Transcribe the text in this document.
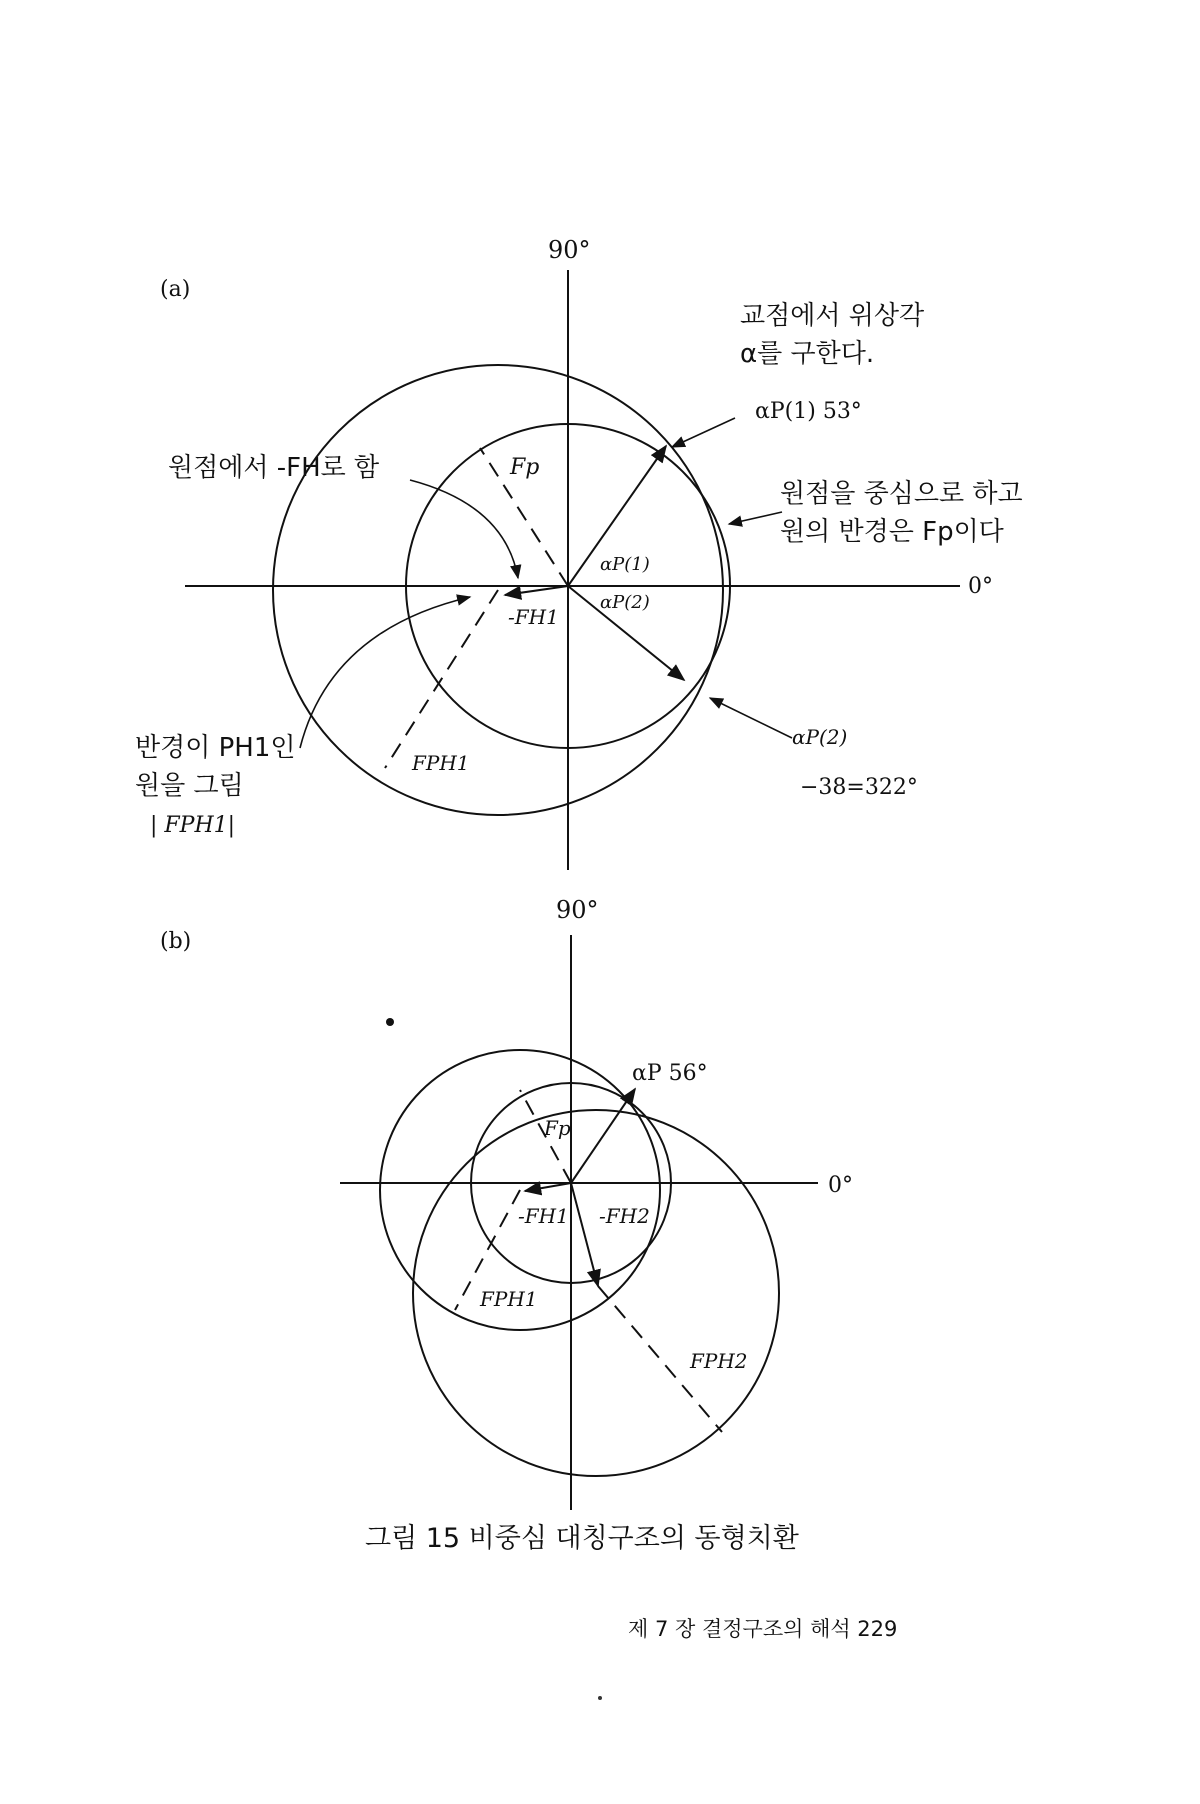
(a)
90°
0°
교점에서 위상각
α를 구한다.
αP(1) 53°
원점에서 -FH로 함	Fp
원점을 중심으로 하고
원의 반경은 Fp이다
αP(1)
αP(2)
-FH1
FPH1
반경이 PH1인
원을 그림
| FPH1|
αP(2)
−38=322°
(b)
90°
0°
αP 56°
Fp
-FH1 -FH2
FPH1
FPH2
그림 15 비중심 대칭구조의 동형치환
제 7 장 결정구조의 해석 229
